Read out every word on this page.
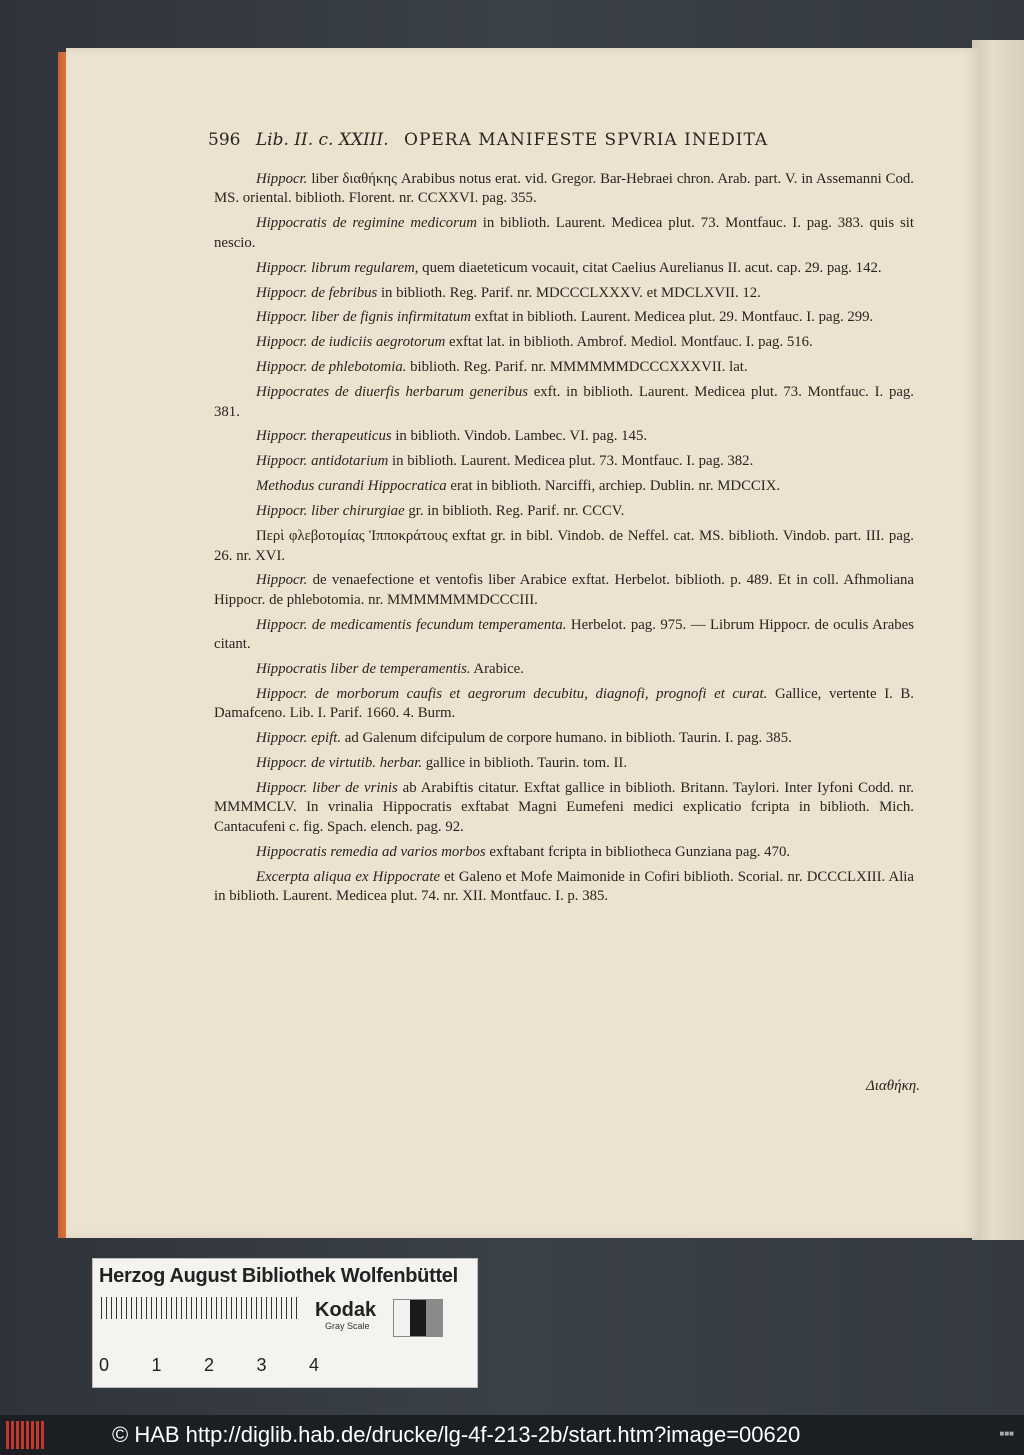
596 Lib. II. c. XXIII. OPERA MANIFESTE SPVRIA INEDITA

Hippocr. liber διαθήκης Arabibus notus erat. vid. Gregor. Bar-Hebraei chron. Arab. part. V. in Assemanni Cod. MS. oriental. biblioth. Florent. nr. CCXXVI. pag. 355.

Hippocratis de regimine medicorum in biblioth. Laurent. Medicea plut. 73. Montfauc. I. pag. 383. quis sit nescio.

Hippocr. librum regularem, quem diaeteticum vocauit, citat Caelius Aurelianus II. acut. cap. 29. pag. 142.

Hippocr. de febribus in biblioth. Reg. Parif. nr. MDCCCLXXXV. et MDCLXVII. 12.

Hippocr. liber de fignis infirmitatum exftat in biblioth. Laurent. Medicea plut. 29. Montfauc. I. pag. 299.

Hippocr. de iudiciis aegrotorum exftat lat. in biblioth. Ambrof. Mediol. Montfauc. I. pag. 516.

Hippocr. de phlebotomia. biblioth. Reg. Parif. nr. MMMMMMDCCCXXXVII. lat.

Hippocrates de diuerfis herbarum generibus exft. in biblioth. Laurent. Medicea plut. 73. Montfauc. I. pag. 381.

Hippocr. therapeuticus in biblioth. Vindob. Lambec. VI. pag. 145.

Hippocr. antidotarium in biblioth. Laurent. Medicea plut. 73. Montfauc. I. pag. 382.

Methodus curandi Hippocratica erat in biblioth. Narciffi, archiep. Dublin. nr. MDCCIX.

Hippocr. liber chirurgiae gr. in biblioth. Reg. Parif. nr. CCCV.

Περὶ φλεβοτομίας Ἱπποκράτους exftat gr. in bibl. Vindob. de Neffel. cat. MS. biblioth. Vindob. part. III. pag. 26. nr. XVI.

Hippocr. de venaefectione et ventofis liber Arabice exftat. Herbelot. biblioth. p. 489. Et in coll. Afhmoliana Hippocr. de phlebotomia. nr. MMMMMMMDCCCIII.

Hippocr. de medicamentis fecundum temperamenta. Herbelot. pag. 975. — Librum Hippocr. de oculis Arabes citant.

Hippocratis liber de temperamentis. Arabice.

Hippocr. de morborum caufis et aegrorum decubitu, diagnofi, prognofi et curat. Gallice, vertente I. B. Damafceno. Lib. I. Parif. 1660. 4. Burm.

Hippocr. epift. ad Galenum difcipulum de corpore humano. in biblioth. Taurin. I. pag. 385.

Hippocr. de virtutib. herbar. gallice in biblioth. Taurin. tom. II.

Hippocr. liber de vrinis ab Arabiftis citatur. Exftat gallice in biblioth. Britann. Taylori. Inter Iyfoni Codd. nr. MMMMCLV. In vrinalia Hippocratis exftabat Magni Eumefeni medici explicatio fcripta in biblioth. Mich. Cantacufeni c. fig. Spach. elench. pag. 92.

Hippocratis remedia ad varios morbos exftabant fcripta in bibliotheca Gunziana pag. 470.

Excerpta aliqua ex Hippocrate et Galeno et Mofe Maimonide in Cofiri biblioth. Scorial. nr. DCCCLXIII. Alia in biblioth. Laurent. Medicea plut. 74. nr. XII. Montfauc. I. p. 385.

Διαθήκη.
Herzog August Bibliothek Wolfenbüttel
0 1 2 3 4
Kodak
Gray Scale
© HAB http://diglib.hab.de/drucke/lg-4f-213-2b/start.htm?image=00620	■■■
